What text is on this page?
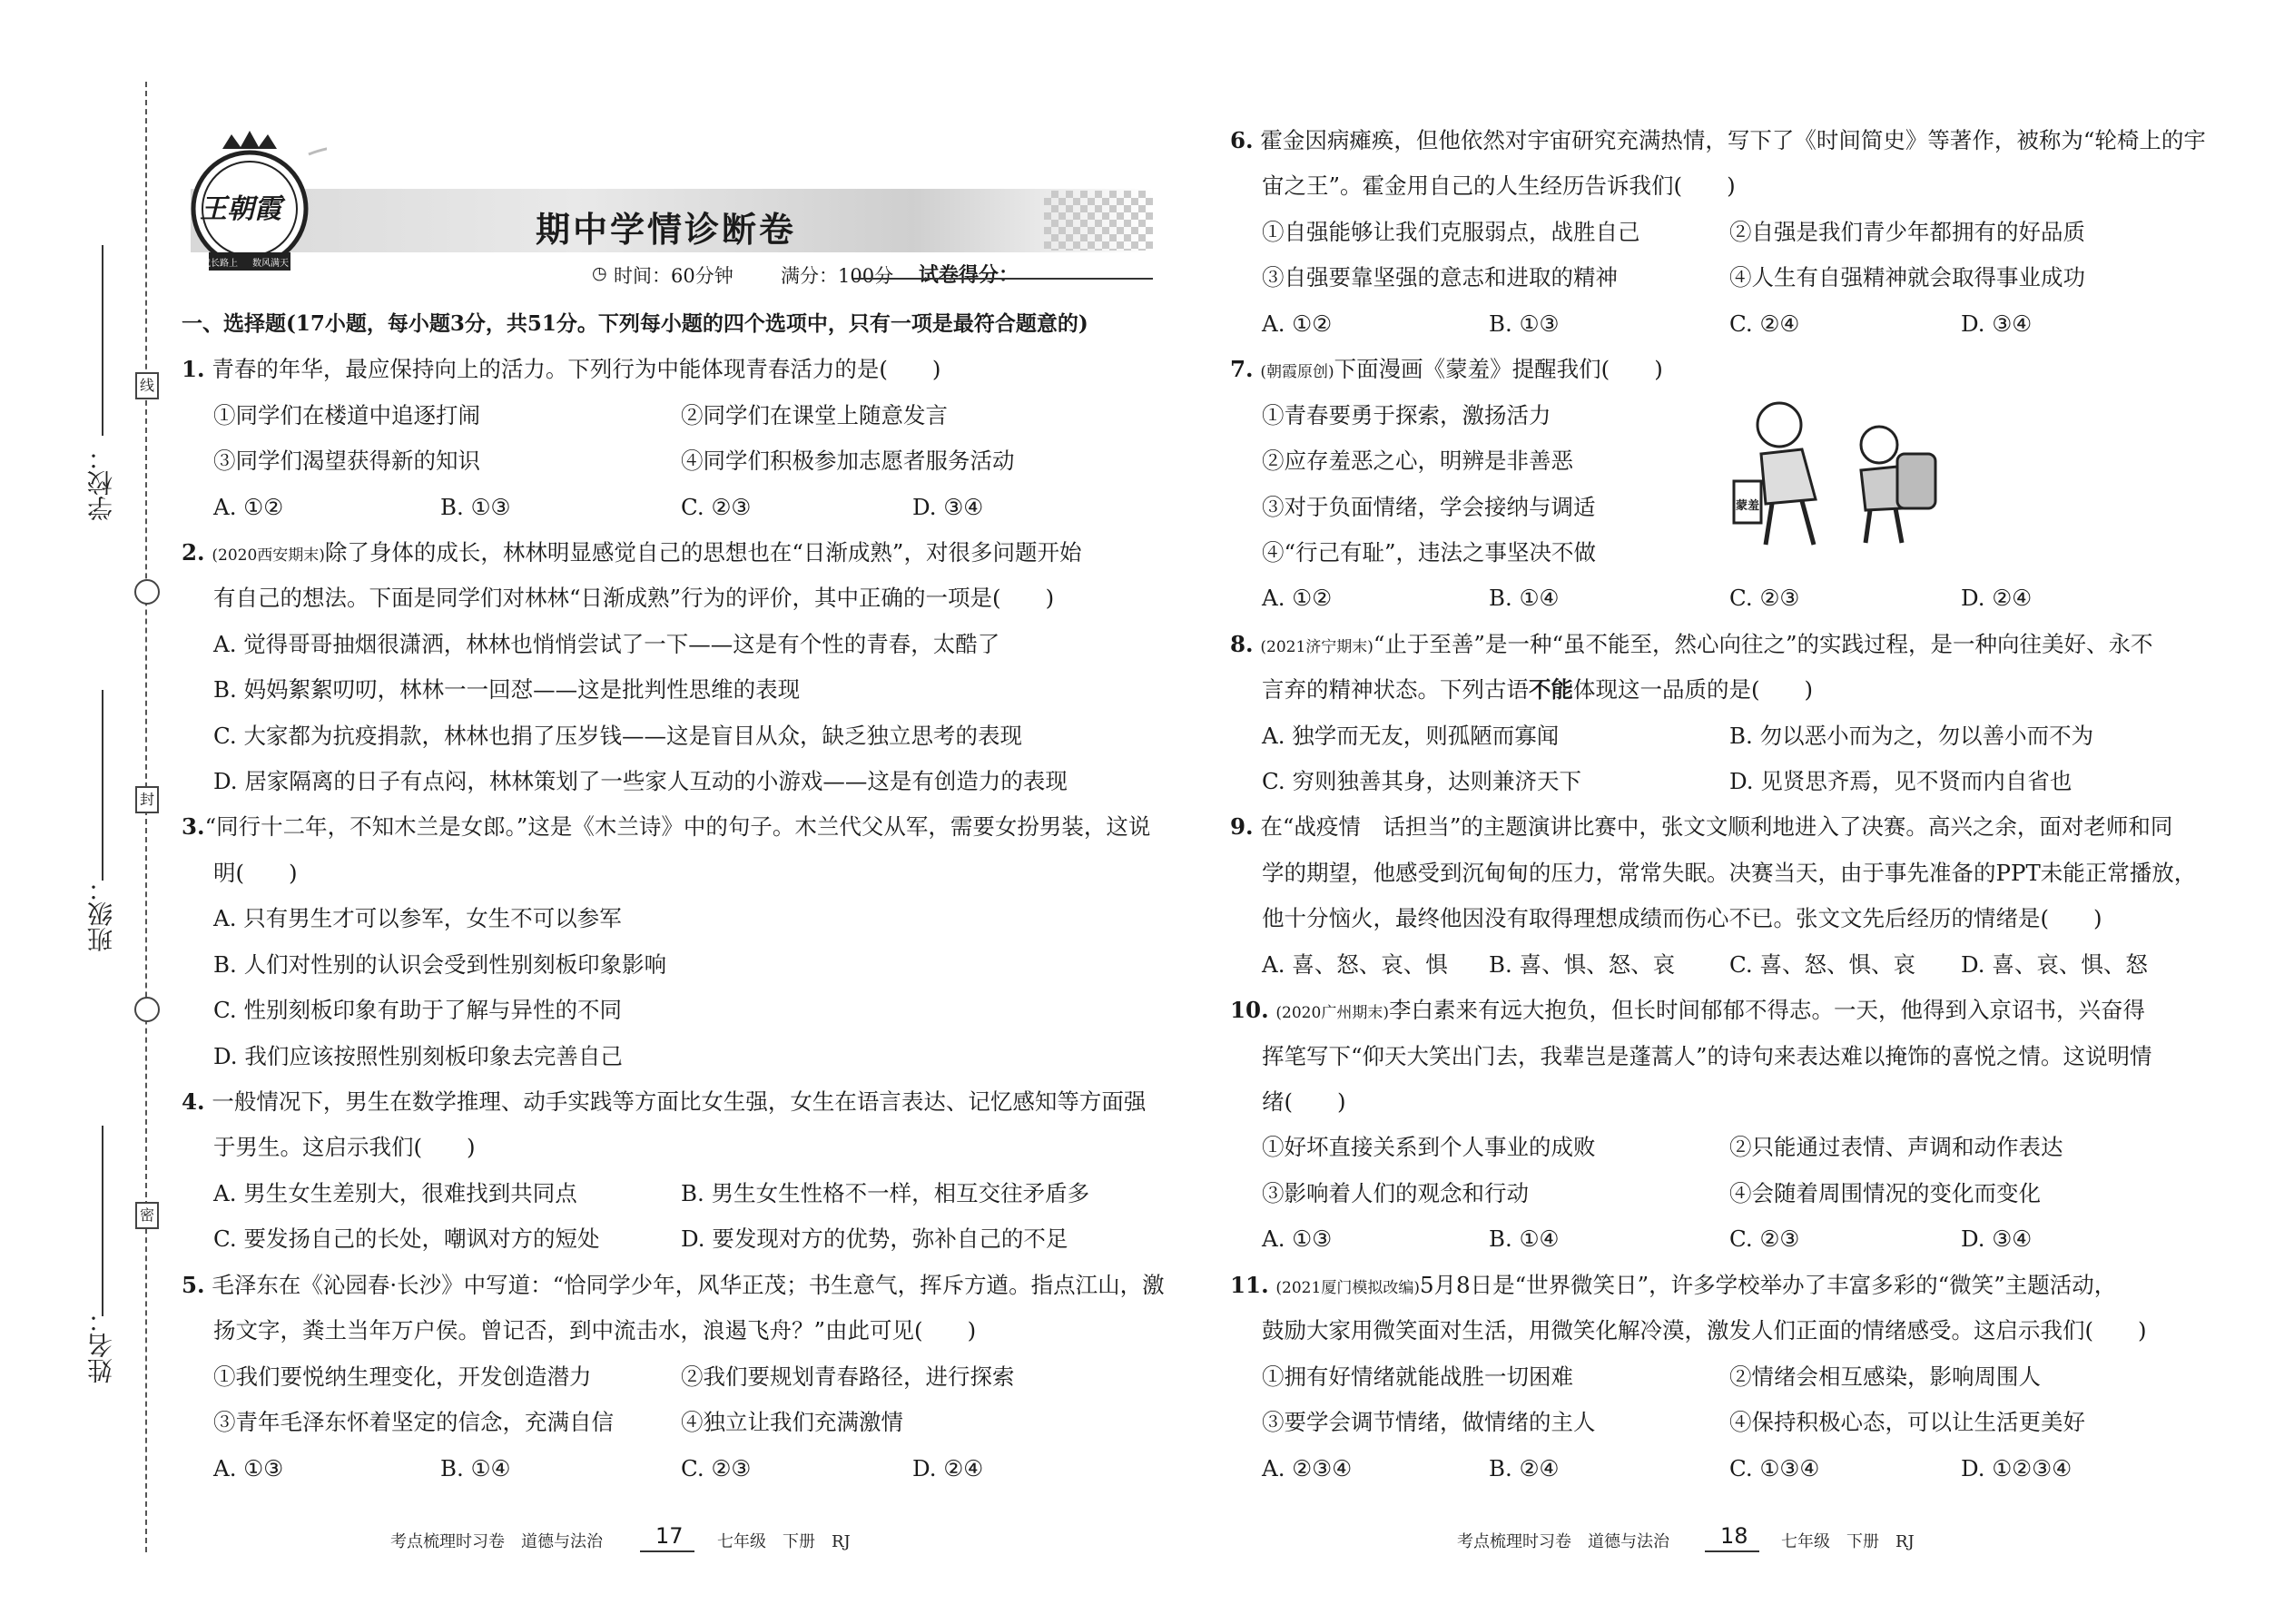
学校：
班级：
姓名：
线
封
密
王朝霞
成长路上 数风满天
期中学情诊断卷
◷ 时间：60分钟 满分：100分 试卷得分：
一、选择题(17小题，每小题3分，共51分。下列每小题的四个选项中，只有一项是最符合题意的)
1. 青春的年华，最应保持向上的活力。下列行为中能体现青春活力的是(　　)
①同学们在楼道中追逐打闹	②同学们在课堂上随意发言
③同学们渴望获得新的知识	④同学们积极参加志愿者服务活动
A. ①②	B. ①③	C. ②③	D. ③④
2. (2020西安期末)除了身体的成长，林林明显感觉自己的思想也在“日渐成熟”，对很多问题开始
有自己的想法。下面是同学们对林林“日渐成熟”行为的评价，其中正确的一项是(　　)
A. 觉得哥哥抽烟很潇洒，林林也悄悄尝试了一下——这是有个性的青春，太酷了
B. 妈妈絮絮叨叨，林林一一回怼——这是批判性思维的表现
C. 大家都为抗疫捐款，林林也捐了压岁钱——这是盲目从众，缺乏独立思考的表现
D. 居家隔离的日子有点闷，林林策划了一些家人互动的小游戏——这是有创造力的表现
3.“同行十二年，不知木兰是女郎。”这是《木兰诗》中的句子。木兰代父从军，需要女扮男装，这说
明(　　)
A. 只有男生才可以参军，女生不可以参军
B. 人们对性别的认识会受到性别刻板印象影响
C. 性别刻板印象有助于了解与异性的不同
D. 我们应该按照性别刻板印象去完善自己
4. 一般情况下，男生在数学推理、动手实践等方面比女生强，女生在语言表达、记忆感知等方面强
于男生。这启示我们(　　)
A. 男生女生差别大，很难找到共同点	B. 男生女生性格不一样，相互交往矛盾多
C. 要发扬自己的长处，嘲讽对方的短处	D. 要发现对方的优势，弥补自己的不足
5. 毛泽东在《沁园春·长沙》中写道：“恰同学少年，风华正茂；书生意气，挥斥方遒。指点江山，激
扬文字，粪土当年万户侯。曾记否，到中流击水，浪遏飞舟？”由此可见(　　)
①我们要悦纳生理变化，开发创造潜力	②我们要规划青春路径，进行探索
③青年毛泽东怀着坚定的信念，充满自信	④独立让我们充满激情
A. ①③	B. ①④	C. ②③	D. ②④
6. 霍金因病瘫痪，但他依然对宇宙研究充满热情，写下了《时间简史》等著作，被称为“轮椅上的宇
宙之王”。霍金用自己的人生经历告诉我们(　　)
①自强能够让我们克服弱点，战胜自己	②自强是我们青少年都拥有的好品质
③自强要靠坚强的意志和进取的精神	④人生有自强精神就会取得事业成功
A. ①②	B. ①③	C. ②④	D. ③④
7. (朝霞原创)下面漫画《蒙羞》提醒我们(　　)
①青春要勇于探索，激扬活力
②应存羞恶之心，明辨是非善恶
③对于负面情绪，学会接纳与调适
④“行己有耻”，违法之事坚决不做
蒙羞
A. ①②	B. ①④	C. ②③	D. ②④
8. (2021济宁期末)“止于至善”是一种“虽不能至，然心向往之”的实践过程，是一种向往美好、永不
言弃的精神状态。下列古语不能体现这一品质的是(　　)
A. 独学而无友，则孤陋而寡闻	B. 勿以恶小而为之，勿以善小而不为
C. 穷则独善其身，达则兼济天下	D. 见贤思齐焉，见不贤而内自省也
9. 在“战疫情　话担当”的主题演讲比赛中，张文文顺利地进入了决赛。高兴之余，面对老师和同
学的期望，他感受到沉甸甸的压力，常常失眠。决赛当天，由于事先准备的PPT未能正常播放，
他十分恼火，最终他因没有取得理想成绩而伤心不已。张文文先后经历的情绪是(　　)
A. 喜、怒、哀、惧 B. 喜、惧、怒、哀 C. 喜、怒、惧、哀 D. 喜、哀、惧、怒
10. (2020广州期末)李白素来有远大抱负，但长时间郁郁不得志。一天，他得到入京诏书，兴奋得
挥笔写下“仰天大笑出门去，我辈岂是蓬蒿人”的诗句来表达难以掩饰的喜悦之情。这说明情
绪(　　)
①好坏直接关系到个人事业的成败	②只能通过表情、声调和动作表达
③影响着人们的观念和行动	④会随着周围情况的变化而变化
A. ①③	B. ①④	C. ②③	D. ③④
11. (2021厦门模拟改编)5月8日是“世界微笑日”，许多学校举办了丰富多彩的“微笑”主题活动，
鼓励大家用微笑面对生活，用微笑化解冷漠，激发人们正面的情绪感受。这启示我们(　　)
①拥有好情绪就能战胜一切困难	②情绪会相互感染，影响周围人
③要学会调节情绪，做情绪的主人	④保持积极心态，可以让生活更美好
A. ②③④	B. ②④	C. ①③④	D. ①②③④
考点梳理时习卷　道德与法治 17 七年级　下册　RJ	考点梳理时习卷　道德与法治 18 七年级　下册　RJ
